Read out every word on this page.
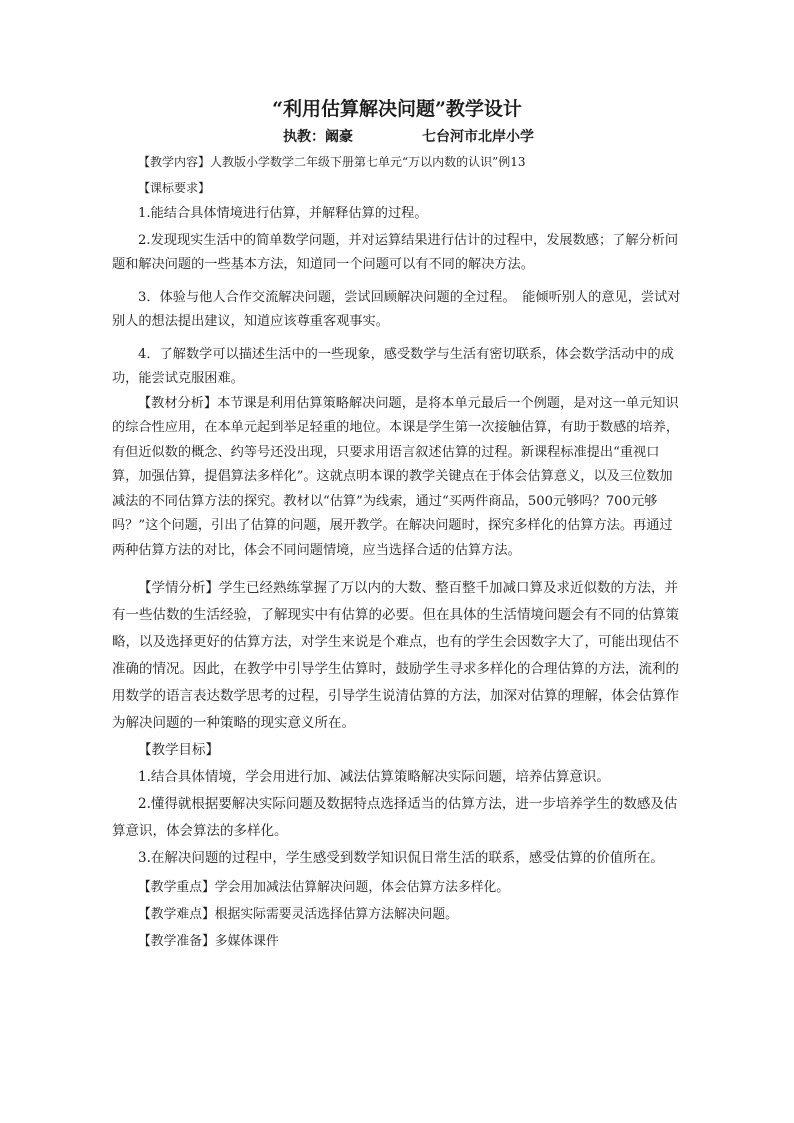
“利用估算解决问题”教学设计
执教：阚豪	七台河市北岸小学

【教学内容】人教版小学数学二年级下册第七单元“万以内数的认识”例13

【课标要求】

1.能结合具体情境进行估算，并解释估算的过程。

2.发现现实生活中的简单数学问题，并对运算结果进行估计的过程中，发展数感；了解分析问题和解决问题的一些基本方法，知道同一个问题可以有不同的解决方法。

3．体验与他人合作交流解决问题，尝试回顾解决问题的全过程。　能倾听别人的意见，尝试对别人的想法提出建议，知道应该尊重客观事实。

4．了解数学可以描述生活中的一些现象，感受数学与生活有密切联系，体会数学活动中的成功，能尝试克服困难。

【教材分析】本节课是利用估算策略解决问题，是将本单元最后一个例题，是对这一单元知识的综合性应用，在本单元起到举足轻重的地位。本课是学生第一次接触估算，有助于数感的培养，有但近似数的概念、约等号还没出现，只要求用语言叙述估算的过程。新课程标准提出“重视口算，加强估算，提倡算法多样化”。这就点明本课的教学关键点在于体会估算意义，以及三位数加减法的不同估算方法的探究。教材以“估算”为线索，通过“买两件商品，500元够吗？700元够吗？”这个问题，引出了估算的问题，展开教学。在解决问题时，探究多样化的估算方法。再通过两种估算方法的对比，体会不同问题情境，应当选择合适的估算方法。

【学情分析】学生已经熟练掌握了万以内的大数、整百整千加减口算及求近似数的方法，并有一些估数的生活经验，了解现实中有估算的必要。但在具体的生活情境问题会有不同的估算策略，以及选择更好的估算方法，对学生来说是个难点，也有的学生会因数字大了，可能出现估不准确的情况。因此，在教学中引导学生估算时，鼓励学生寻求多样化的合理估算的方法，流利的用数学的语言表达数学思考的过程，引导学生说清估算的方法，加深对估算的理解，体会估算作为解决问题的一种策略的现实意义所在。

【教学目标】

1.结合具体情境，学会用进行加、减法估算策略解决实际问题，培养估算意识。

2.懂得就根据要解决实际问题及数据特点选择适当的估算方法，进一步培养学生的数感及估算意识，体会算法的多样化。

3.在解决问题的过程中，学生感受到数学知识侃日常生活的联系，感受估算的价值所在。

【教学重点】学会用加减法估算解决问题，体会估算方法多样化。

【教学难点】根据实际需要灵活选择估算方法解决问题。

【教学准备】多媒体课件
